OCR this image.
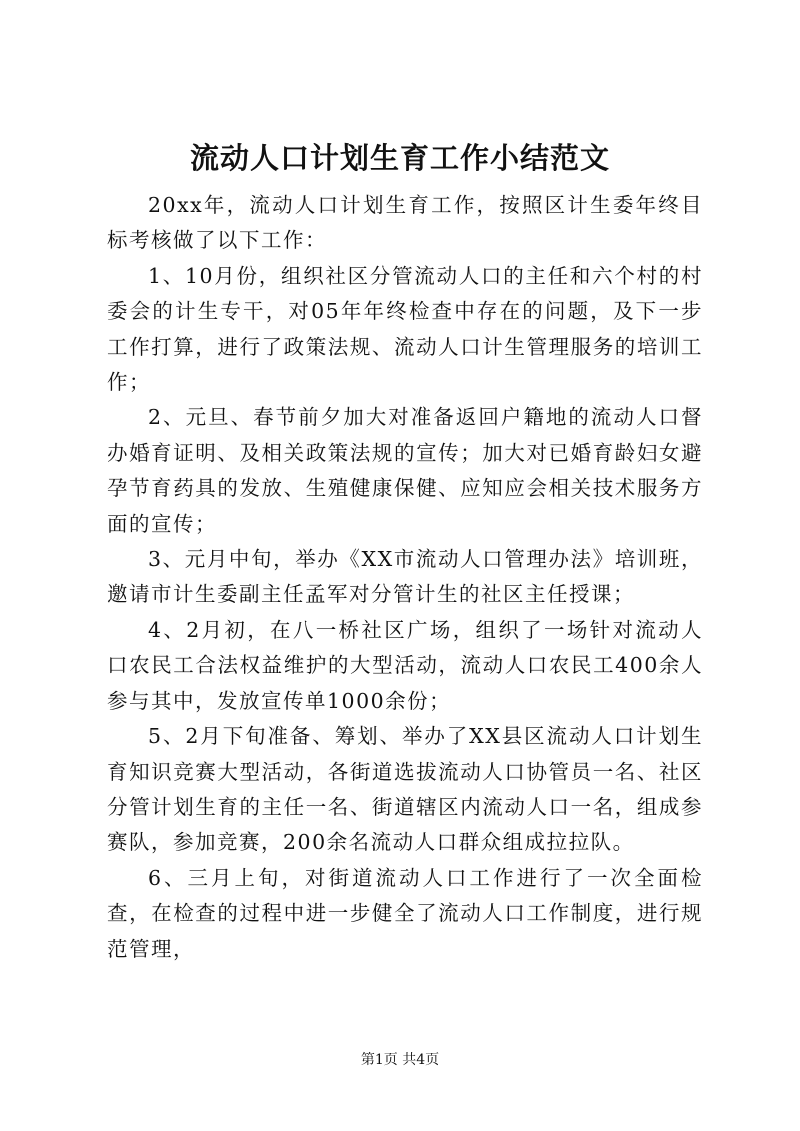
流动人口计划生育工作小结范文

20xx年，流动人口计划生育工作，按照区计生委年终目标考核做了以下工作：

1、10月份，组织社区分管流动人口的主任和六个村的村委会的计生专干，对05年年终检查中存在的问题，及下一步工作打算，进行了政策法规、流动人口计生管理服务的培训工作；

2、元旦、春节前夕加大对准备返回户籍地的流动人口督办婚育证明、及相关政策法规的宣传；加大对已婚育龄妇女避孕节育药具的发放、生殖健康保健、应知应会相关技术服务方面的宣传；

3、元月中旬，举办《XX市流动人口管理办法》培训班，邀请市计生委副主任孟军对分管计生的社区主任授课；

4、2月初，在八一桥社区广场，组织了一场针对流动人口农民工合法权益维护的大型活动，流动人口农民工400余人参与其中，发放宣传单1000余份；

5、2月下旬准备、筹划、举办了XX县区流动人口计划生育知识竞赛大型活动，各街道选拔流动人口协管员一名、社区分管计划生育的主任一名、街道辖区内流动人口一名，组成参赛队，参加竞赛，200余名流动人口群众组成拉拉队。

6、三月上旬，对街道流动人口工作进行了一次全面检查，在检查的过程中进一步健全了流动人口工作制度，进行规范管理，

第1页 共4页
